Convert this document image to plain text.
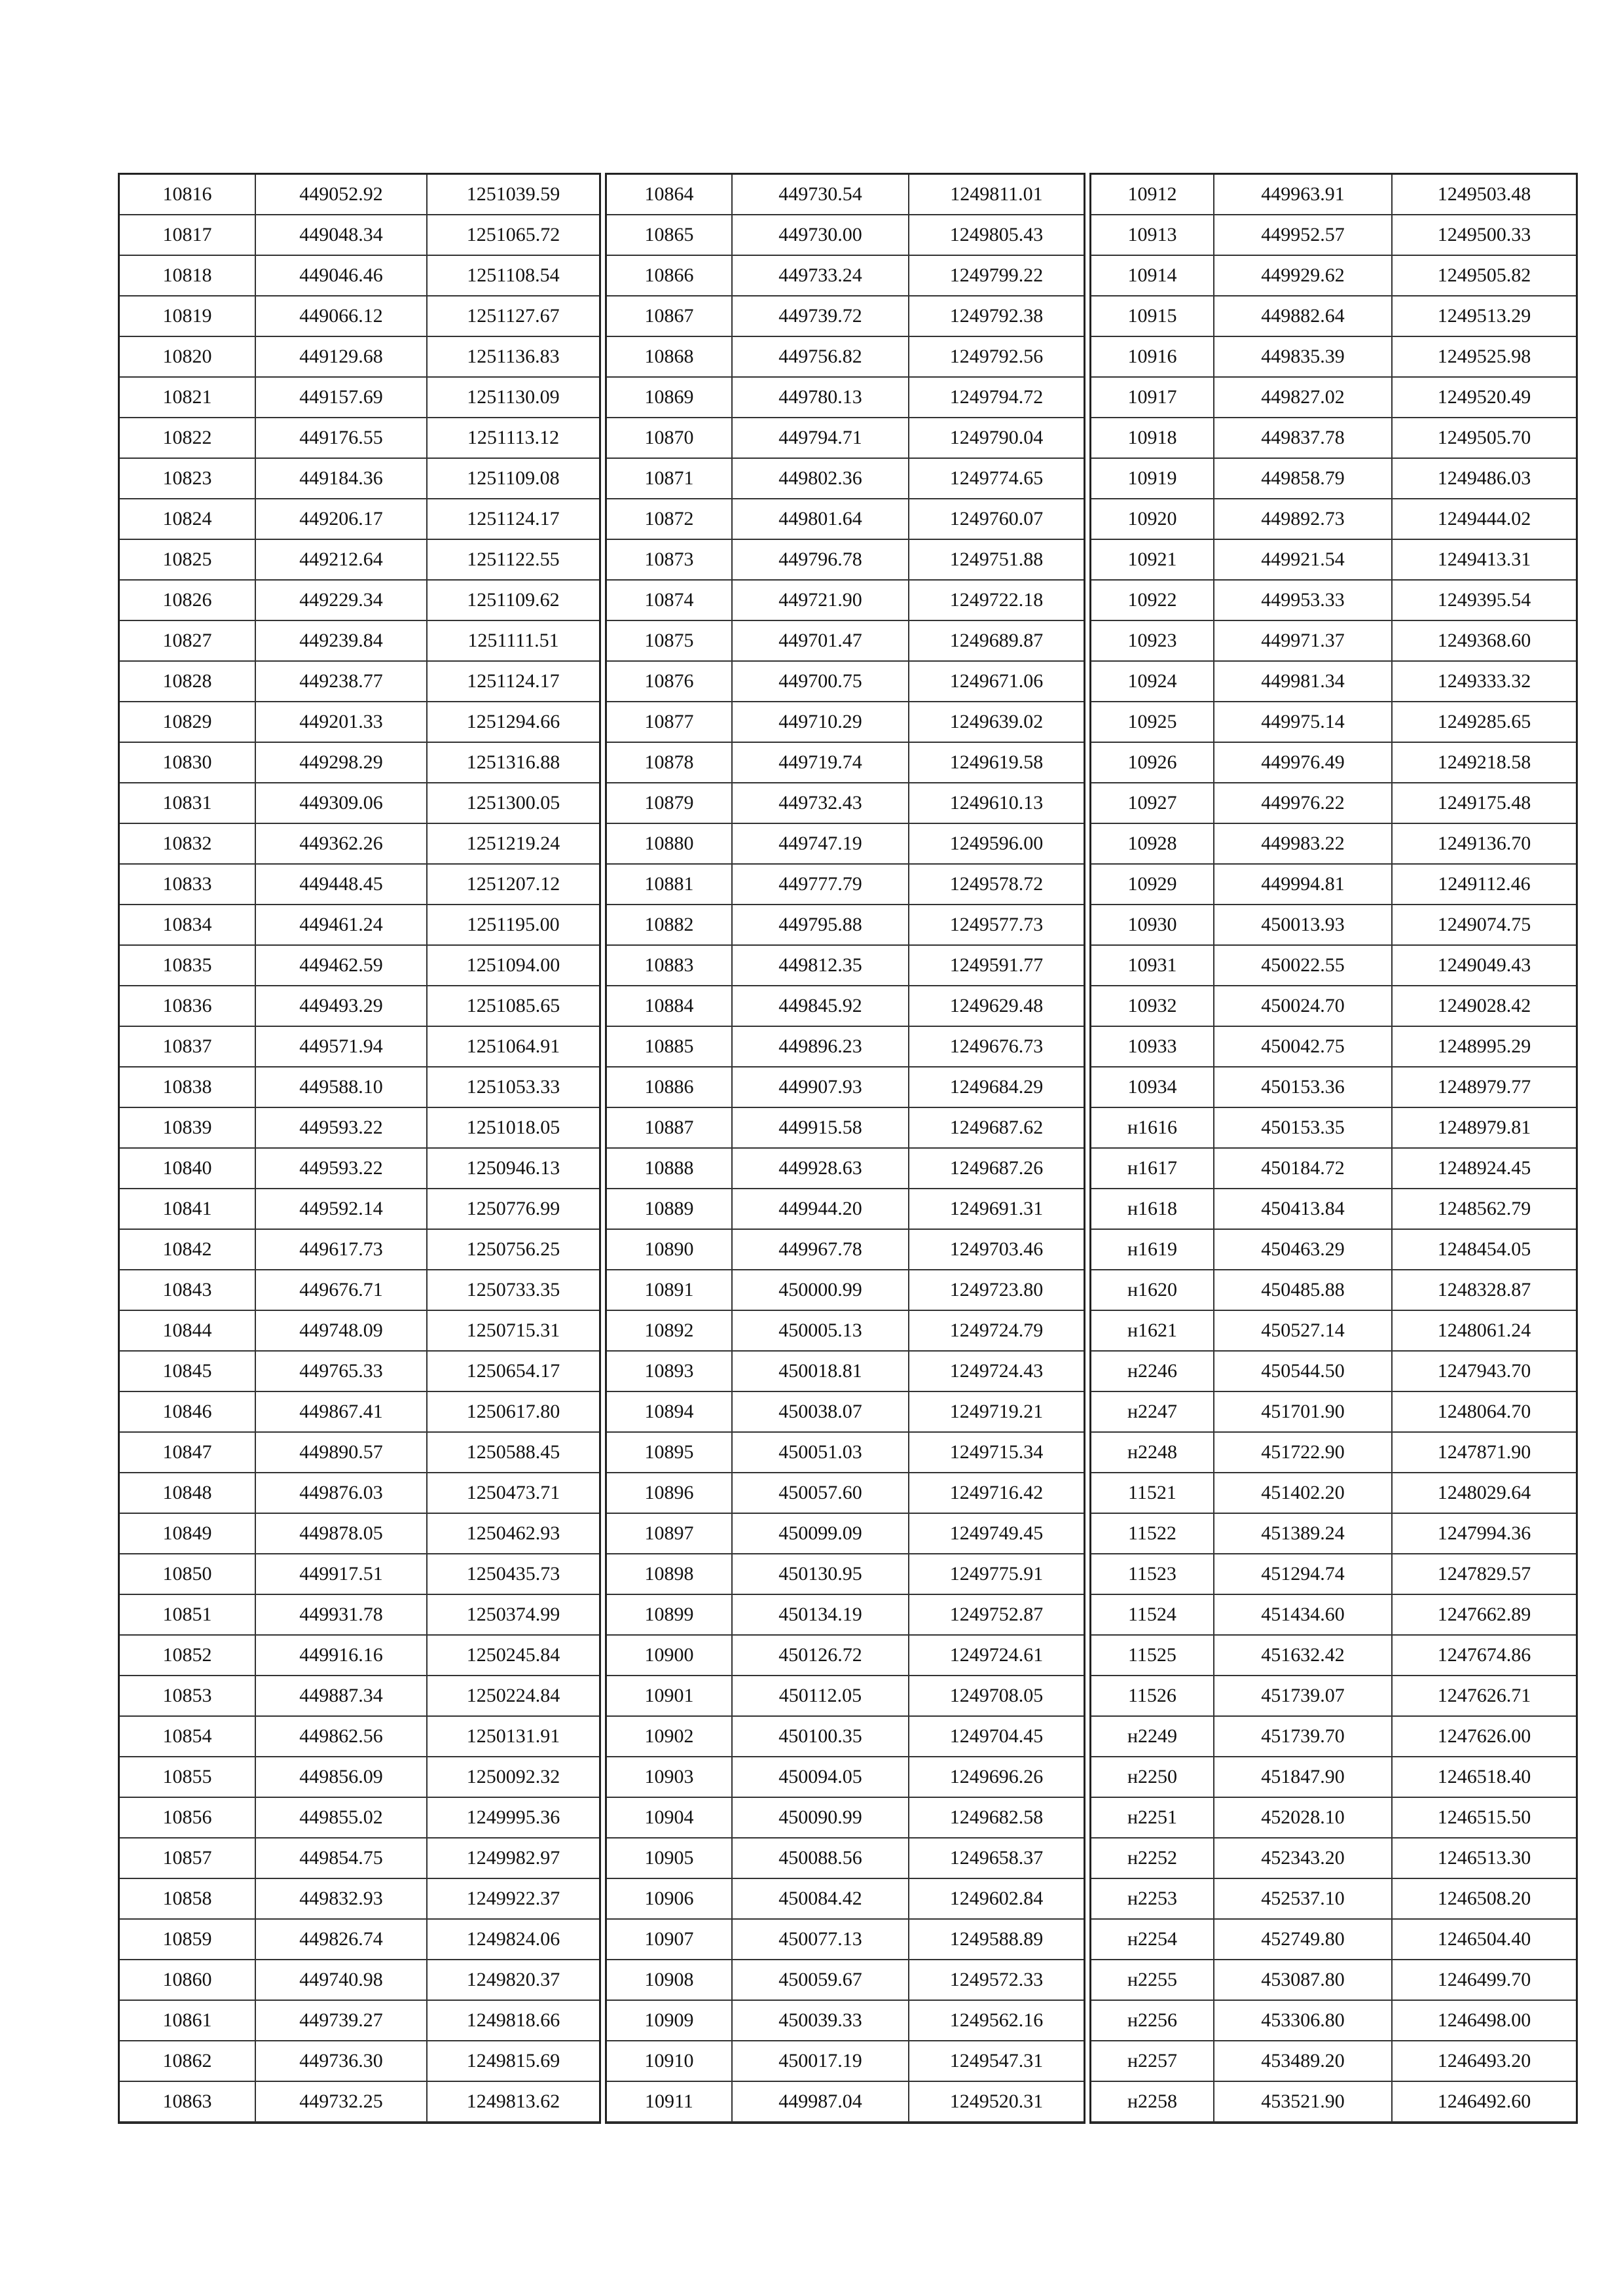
10816	449052.92	1251039.59
10817	449048.34	1251065.72
10818	449046.46	1251108.54
10819	449066.12	1251127.67
10820	449129.68	1251136.83
10821	449157.69	1251130.09
10822	449176.55	1251113.12
10823	449184.36	1251109.08
10824	449206.17	1251124.17
10825	449212.64	1251122.55
10826	449229.34	1251109.62
10827	449239.84	1251111.51
10828	449238.77	1251124.17
10829	449201.33	1251294.66
10830	449298.29	1251316.88
10831	449309.06	1251300.05
10832	449362.26	1251219.24
10833	449448.45	1251207.12
10834	449461.24	1251195.00
10835	449462.59	1251094.00
10836	449493.29	1251085.65
10837	449571.94	1251064.91
10838	449588.10	1251053.33
10839	449593.22	1251018.05
10840	449593.22	1250946.13
10841	449592.14	1250776.99
10842	449617.73	1250756.25
10843	449676.71	1250733.35
10844	449748.09	1250715.31
10845	449765.33	1250654.17
10846	449867.41	1250617.80
10847	449890.57	1250588.45
10848	449876.03	1250473.71
10849	449878.05	1250462.93
10850	449917.51	1250435.73
10851	449931.78	1250374.99
10852	449916.16	1250245.84
10853	449887.34	1250224.84
10854	449862.56	1250131.91
10855	449856.09	1250092.32
10856	449855.02	1249995.36
10857	449854.75	1249982.97
10858	449832.93	1249922.37
10859	449826.74	1249824.06
10860	449740.98	1249820.37
10861	449739.27	1249818.66
10862	449736.30	1249815.69
10863	449732.25	1249813.62
10864	449730.54	1249811.01
10865	449730.00	1249805.43
10866	449733.24	1249799.22
10867	449739.72	1249792.38
10868	449756.82	1249792.56
10869	449780.13	1249794.72
10870	449794.71	1249790.04
10871	449802.36	1249774.65
10872	449801.64	1249760.07
10873	449796.78	1249751.88
10874	449721.90	1249722.18
10875	449701.47	1249689.87
10876	449700.75	1249671.06
10877	449710.29	1249639.02
10878	449719.74	1249619.58
10879	449732.43	1249610.13
10880	449747.19	1249596.00
10881	449777.79	1249578.72
10882	449795.88	1249577.73
10883	449812.35	1249591.77
10884	449845.92	1249629.48
10885	449896.23	1249676.73
10886	449907.93	1249684.29
10887	449915.58	1249687.62
10888	449928.63	1249687.26
10889	449944.20	1249691.31
10890	449967.78	1249703.46
10891	450000.99	1249723.80
10892	450005.13	1249724.79
10893	450018.81	1249724.43
10894	450038.07	1249719.21
10895	450051.03	1249715.34
10896	450057.60	1249716.42
10897	450099.09	1249749.45
10898	450130.95	1249775.91
10899	450134.19	1249752.87
10900	450126.72	1249724.61
10901	450112.05	1249708.05
10902	450100.35	1249704.45
10903	450094.05	1249696.26
10904	450090.99	1249682.58
10905	450088.56	1249658.37
10906	450084.42	1249602.84
10907	450077.13	1249588.89
10908	450059.67	1249572.33
10909	450039.33	1249562.16
10910	450017.19	1249547.31
10911	449987.04	1249520.31
10912	449963.91	1249503.48
10913	449952.57	1249500.33
10914	449929.62	1249505.82
10915	449882.64	1249513.29
10916	449835.39	1249525.98
10917	449827.02	1249520.49
10918	449837.78	1249505.70
10919	449858.79	1249486.03
10920	449892.73	1249444.02
10921	449921.54	1249413.31
10922	449953.33	1249395.54
10923	449971.37	1249368.60
10924	449981.34	1249333.32
10925	449975.14	1249285.65
10926	449976.49	1249218.58
10927	449976.22	1249175.48
10928	449983.22	1249136.70
10929	449994.81	1249112.46
10930	450013.93	1249074.75
10931	450022.55	1249049.43
10932	450024.70	1249028.42
10933	450042.75	1248995.29
10934	450153.36	1248979.77
н1616	450153.35	1248979.81
н1617	450184.72	1248924.45
н1618	450413.84	1248562.79
н1619	450463.29	1248454.05
н1620	450485.88	1248328.87
н1621	450527.14	1248061.24
н2246	450544.50	1247943.70
н2247	451701.90	1248064.70
н2248	451722.90	1247871.90
11521	451402.20	1248029.64
11522	451389.24	1247994.36
11523	451294.74	1247829.57
11524	451434.60	1247662.89
11525	451632.42	1247674.86
11526	451739.07	1247626.71
н2249	451739.70	1247626.00
н2250	451847.90	1246518.40
н2251	452028.10	1246515.50
н2252	452343.20	1246513.30
н2253	452537.10	1246508.20
н2254	452749.80	1246504.40
н2255	453087.80	1246499.70
н2256	453306.80	1246498.00
н2257	453489.20	1246493.20
н2258	453521.90	1246492.60
